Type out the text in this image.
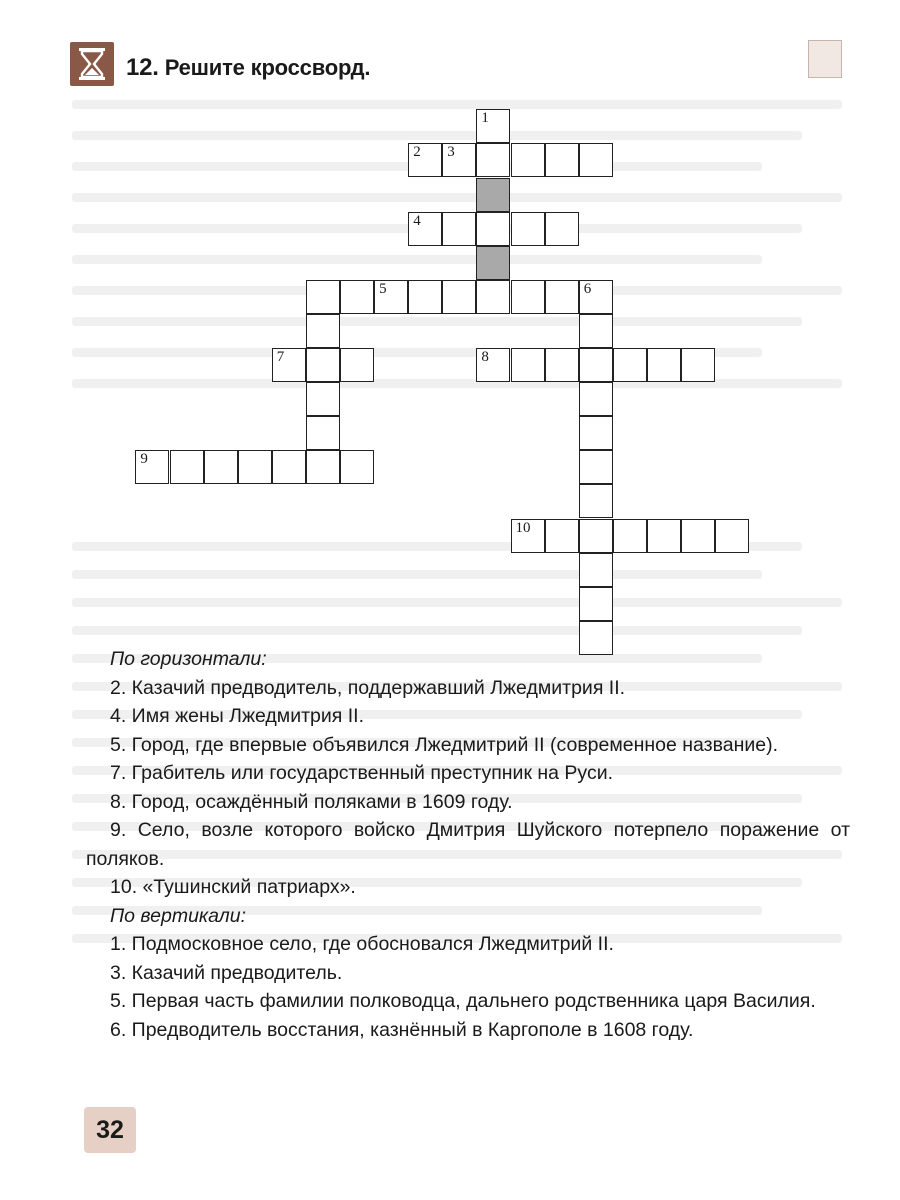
12. Решите кроссворд.
1
2 3
4
5	6
7	8
9
10
По горизонтали:

2. Казачий предводитель, поддержавший Лжедмитрия II.

4. Имя жены Лжедмитрия II.

5. Город, где впервые объявился Лжедмитрий II (современное название).

7. Грабитель или государственный преступник на Руси.

8. Город, осаждённый поляками в 1609 году.

9. Село, возле которого войско Дмитрия Шуйского потерпело поражение от поляков.

10. «Тушинский патриарх».

По вертикали:

1. Подмосковное село, где обосновался Лжедмитрий II.

3. Казачий предводитель.

5. Первая часть фамилии полководца, дальнего родственника царя Василия.

6. Предводитель восстания, казнённый в Каргополе в 1608 году.

32
